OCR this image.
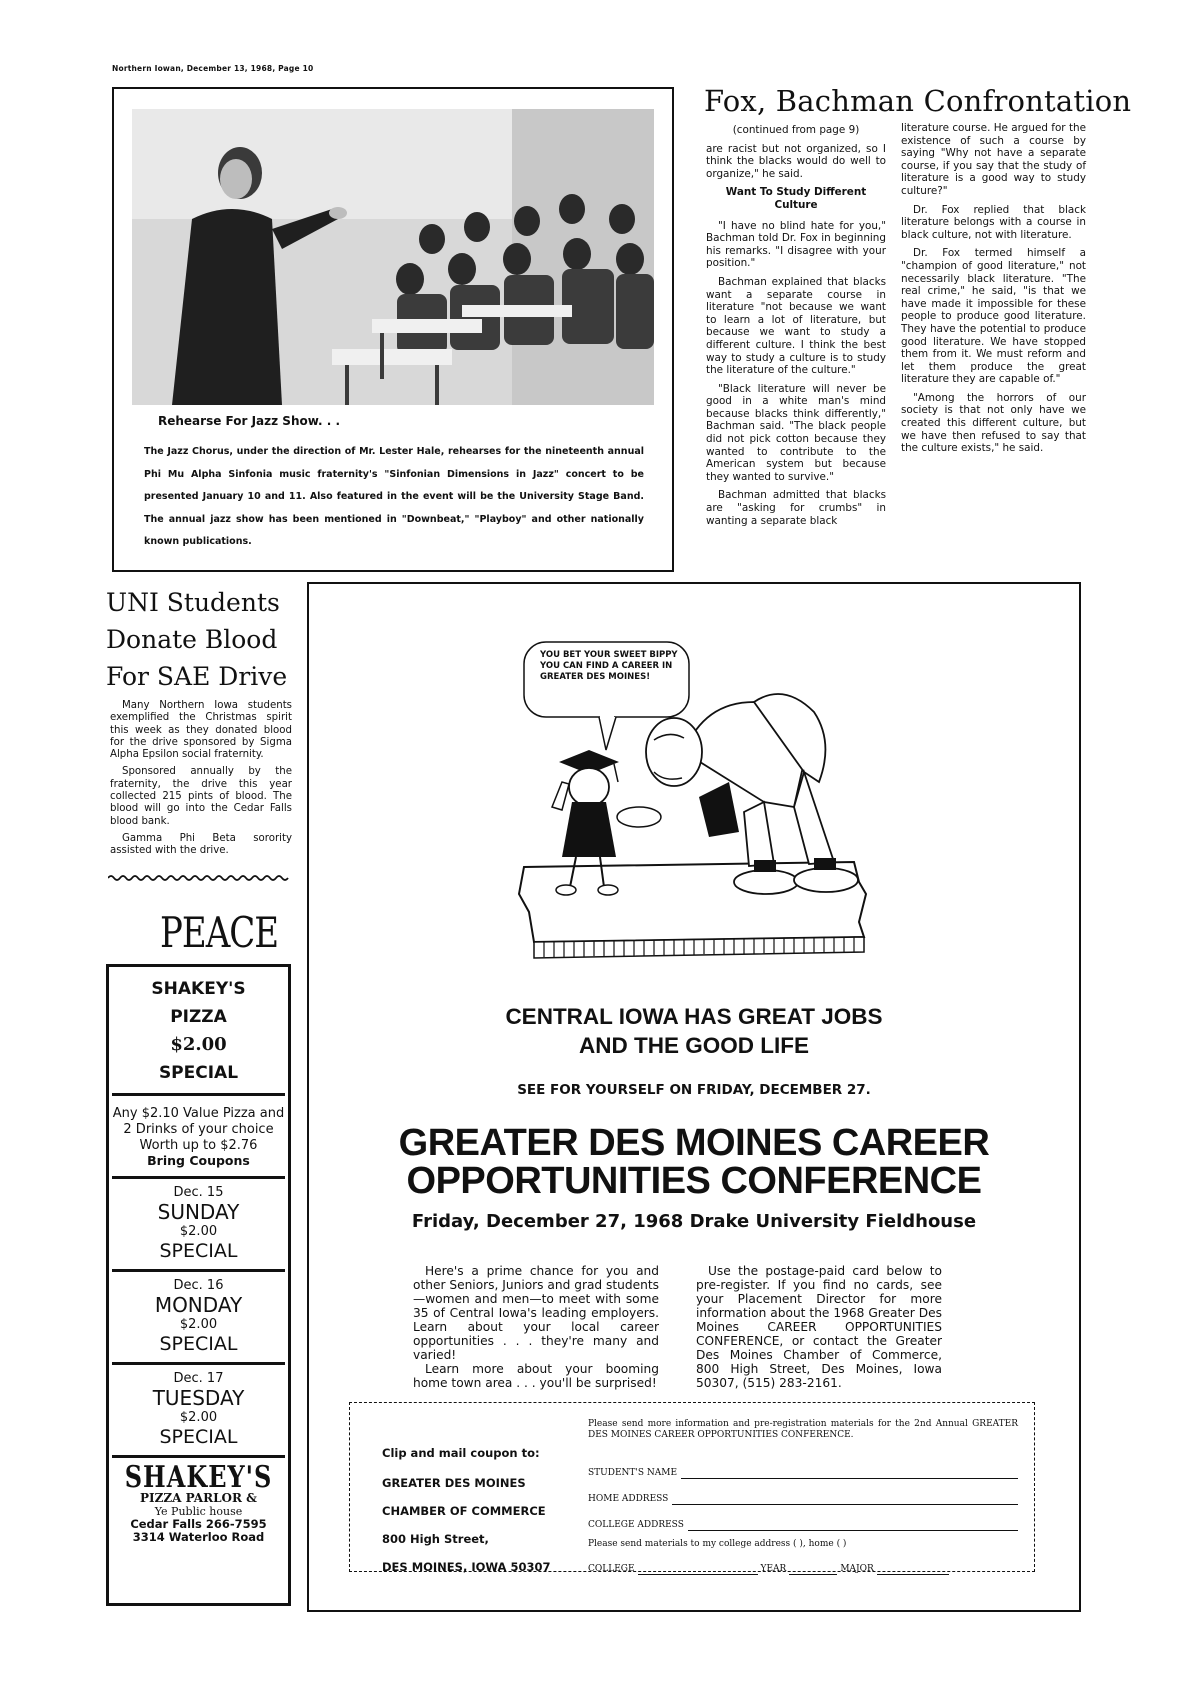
Northern Iowan, December 13, 1968, Page 10
Rehearse For Jazz Show. . .
The Jazz Chorus, under the direction of Mr. Lester Hale, rehearses for the nineteenth annual Phi Mu Alpha Sinfonia music fraternity's "Sinfonian Dimensions in Jazz" concert to be presented January 10 and 11. Also featured in the event will be the University Stage Band. The annual jazz show has been mentioned in "Downbeat," "Playboy" and other nationally known publications.
Fox, Bachman Confrontation

(continued from page 9)

are racist but not organized, so I think the blacks would do well to organize," he said.

Want To Study Different Culture

"I have no blind hate for you," Bachman told Dr. Fox in beginning his remarks. "I disagree with your position."

Bachman explained that blacks want a separate course in literature "not because we want to learn a lot of literature, but because we want to study a different culture. I think the best way to study a culture is to study the literature of the culture."

"Black literature will never be good in a white man's mind because blacks think differently," Bachman said. "The black people did not pick cotton because they wanted to contribute to the American system but because they wanted to survive."

Bachman admitted that blacks are "asking for crumbs" in wanting a separate black

literature course. He argued for the existence of such a course by saying "Why not have a separate course, if you say that the study of literature is a good way to study culture?"

Dr. Fox replied that black literature belongs with a course in black culture, not with literature.

Dr. Fox termed himself a "champion of good literature," not necessarily black literature. "The real crime," he said, "is that we have made it impossible for these people to produce good literature. They have the potential to produce good literature. We have stopped them from it. We must reform and let them produce the great literature they are capable of."

"Among the horrors of our society is that not only have we created this different culture, but we have then refused to say that the culture exists," he said.

UNI Students
Donate Blood
For SAE Drive

Many Northern Iowa students exemplified the Christmas spirit this week as they donated blood for the drive sponsored by Sigma Alpha Epsilon social fraternity.

Sponsored annually by the fraternity, the drive this year collected 215 pints of blood. The blood will go into the Cedar Falls blood bank.

Gamma Phi Beta sorority assisted with the drive.

PEACE
SHAKEY'S
PIZZA
$2.00
SPECIAL
Any $2.10 Value Pizza and 2 Drinks of your choice Worth up to $2.76
Bring Coupons
Dec. 15
SUNDAY
$2.00
SPECIAL
Dec. 16
MONDAY
$2.00
SPECIAL
Dec. 17
TUESDAY
$2.00
SPECIAL
SHAKEY'S
PIZZA PARLOR &
Ye Public house
Cedar Falls 266-7595
3314 Waterloo Road
YOU BET YOUR SWEET BIPPY YOU CAN FIND A CAREER IN GREATER DES MOINES!
CENTRAL IOWA HAS GREAT JOBS
AND THE GOOD LIFE
SEE FOR YOURSELF ON FRIDAY, DECEMBER 27.
GREATER DES MOINES CAREER
OPPORTUNITIES CONFERENCE
Friday, December 27, 1968 Drake University Fieldhouse

Here's a prime chance for you and other Seniors, Juniors and grad students—women and men—to meet with some 35 of Central Iowa's leading employers. Learn about your local career opportunities . . . they're many and varied!

Learn more about your booming home town area . . . you'll be surprised!

Use the postage-paid card below to pre-register. If you find no cards, see your Placement Director for more information about the 1968 Greater Des Moines CAREER OPPORTUNITIES CONFERENCE, or contact the Greater Des Moines Chamber of Commerce, 800 High Street, Des Moines, Iowa 50307, (515) 283-2161.

Clip and mail coupon to:
GREATER DES MOINES
CHAMBER OF COMMERCE
800 High Street,
DES MOINES, IOWA 50307
Please send more information and pre-registration materials for the 2nd Annual GREATER DES MOINES CAREER OPPORTUNITIES CONFERENCE.
STUDENT'S NAME
HOME ADDRESS
COLLEGE ADDRESS
Please send materials to my college address ( ), home ( )
COLLEGE	YEAR	MAJOR
